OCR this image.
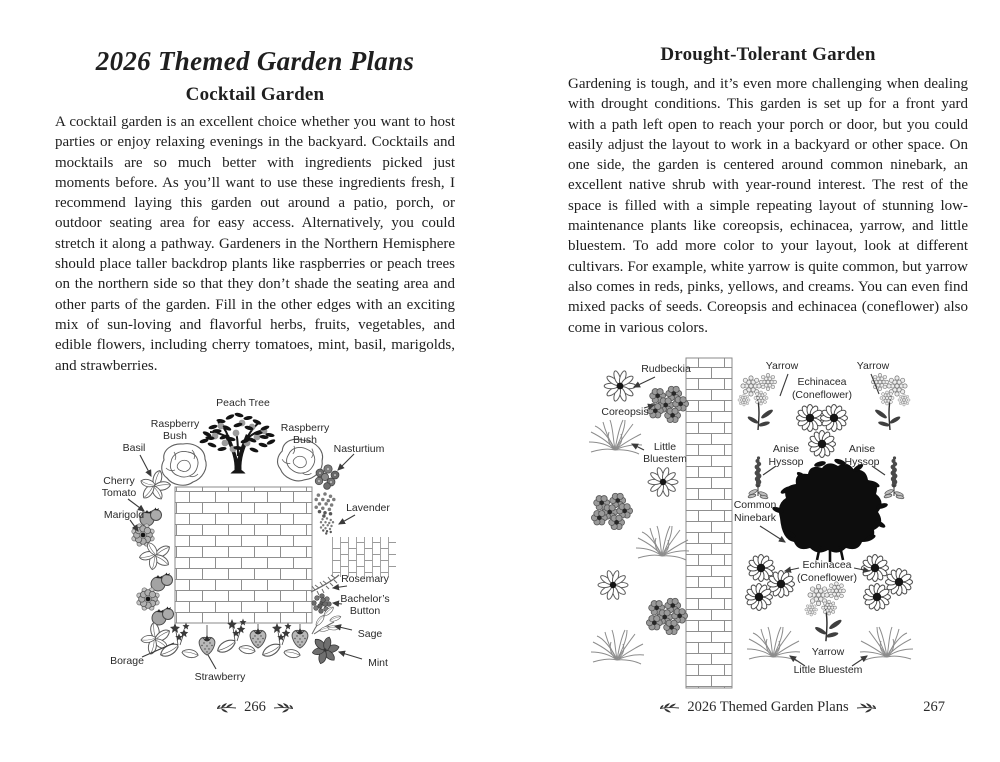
2026 Themed Garden Plans
Cocktail Garden
A cocktail garden is an excellent choice whether you want to host parties or enjoy relaxing evenings in the backyard. Cocktails and mocktails are so much better with ingredients picked just moments before. As you’ll want to use these ingredients fresh, I recommend laying this garden out around a patio, porch, or outdoor seating area for easy access. Alternatively, you could stretch it along a pathway. Gardeners in the Northern Hemisphere should place taller backdrop plants like raspberries or peach trees on the northern side so that they don’t shade the seating area and other parts of the garden. Fill in the other edges with an exciting mix of sun-loving and flavorful herbs, fruits, vegetables, and edible flowers, including cherry tomatoes, mint, basil, marigolds, and strawberries.
Peach Tree
Raspberry
Bush
Raspberry
Bush
Basil
Cherry
Tomato
Marigold
Nasturtium
Lavender
Rosemary
Bachelor’s
Button
Sage
Mint
Borage
Strawberry
266
Drought-Tolerant Garden
Gardening is tough, and it’s even more challenging when dealing with drought conditions. This garden is set up for a front yard with a path left open to reach your porch or door, but you could easily adjust the layout to work in a backyard or other space. On one side, the garden is centered around common ninebark, an excellent native shrub with year-round interest. The rest of the space is filled with a simple repeating layout of stunning low-maintenance plants like coreopsis, echinacea, yarrow, and little bluestem. To add more color to your layout, look at different cultivars. For example, white yarrow is quite common, but yarrow also comes in reds, pinks, yellows, and creams. You can even find mixed packs of seeds. Coreopsis and echinacea (coneflower) also come in various colors.
Rudbeckia
Coreopsis
Little
Bluestem
Yarrow
Echinacea
(Coneflower)
Yarrow
Anise
Hyssop
Anise
Hyssop
Common
Ninebark
Echinacea
(Coneflower)
Yarrow
Little Bluestem
2026 Themed Garden Plans	267
